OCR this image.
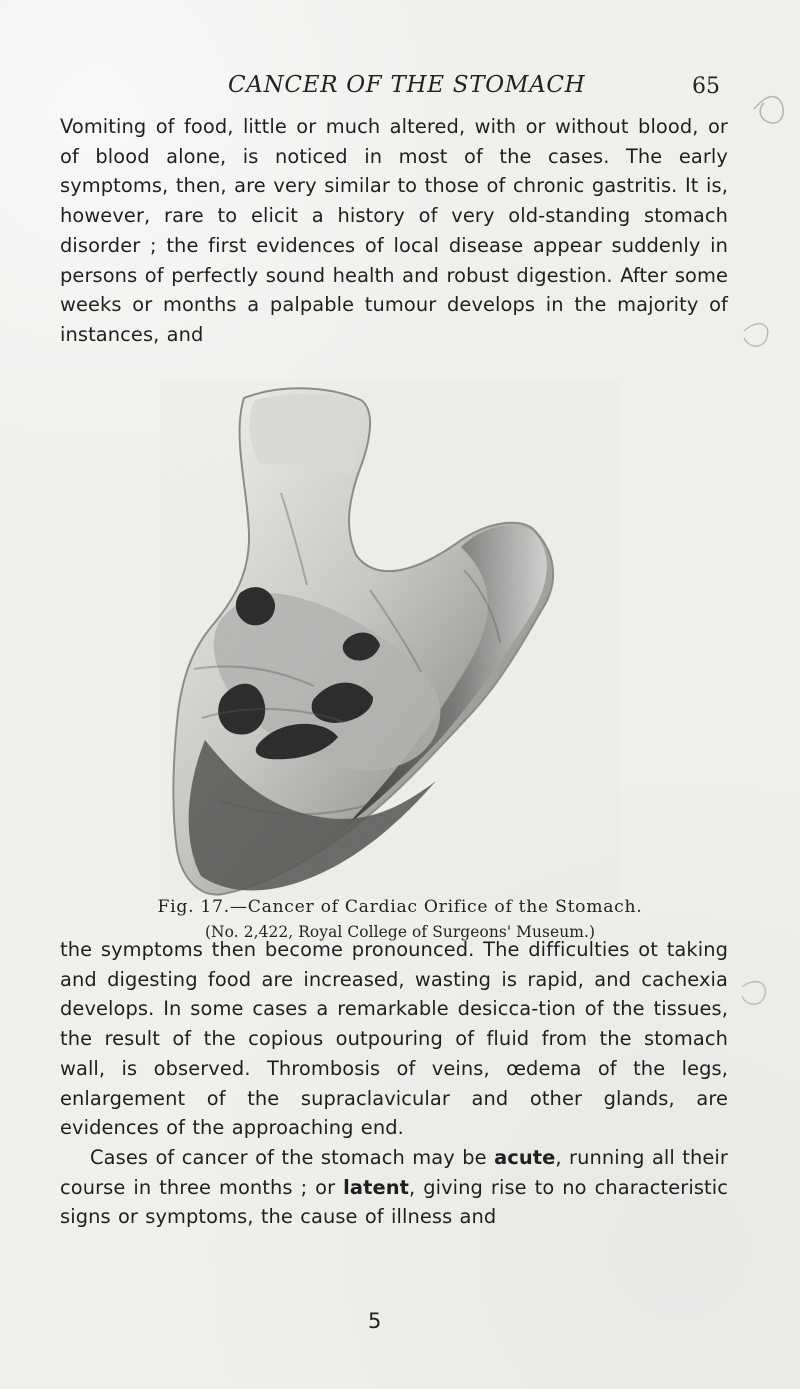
CANCER OF THE STOMACH	65

Vomiting of food, little or much altered, with or without blood, or of blood alone, is noticed in most of the cases. The early symptoms, then, are very similar to those of chronic gastritis. It is, however, rare to elicit a history of very old-standing stomach disorder ; the first evidences of local disease appear suddenly in persons of perfectly sound health and robust digestion. After some weeks or months a palpable tumour develops in the majority of instances, and

Fig. 17.—Cancer of Cardiac Orifice of the Stomach.
(No. 2,422, Royal College of Surgeons' Museum.)

the symptoms then become pronounced. The difficulties ot taking and digesting food are increased, wasting is rapid, and cachexia develops. In some cases a remarkable desicca-tion of the tissues, the result of the copious outpouring of fluid from the stomach wall, is observed. Thrombosis of veins, œdema of the legs, enlargement of the supraclavicular and other glands, are evidences of the approaching end.

Cases of cancer of the stomach may be acute, running all their course in three months ; or latent, giving rise to no characteristic signs or symptoms, the cause of illness and

5
